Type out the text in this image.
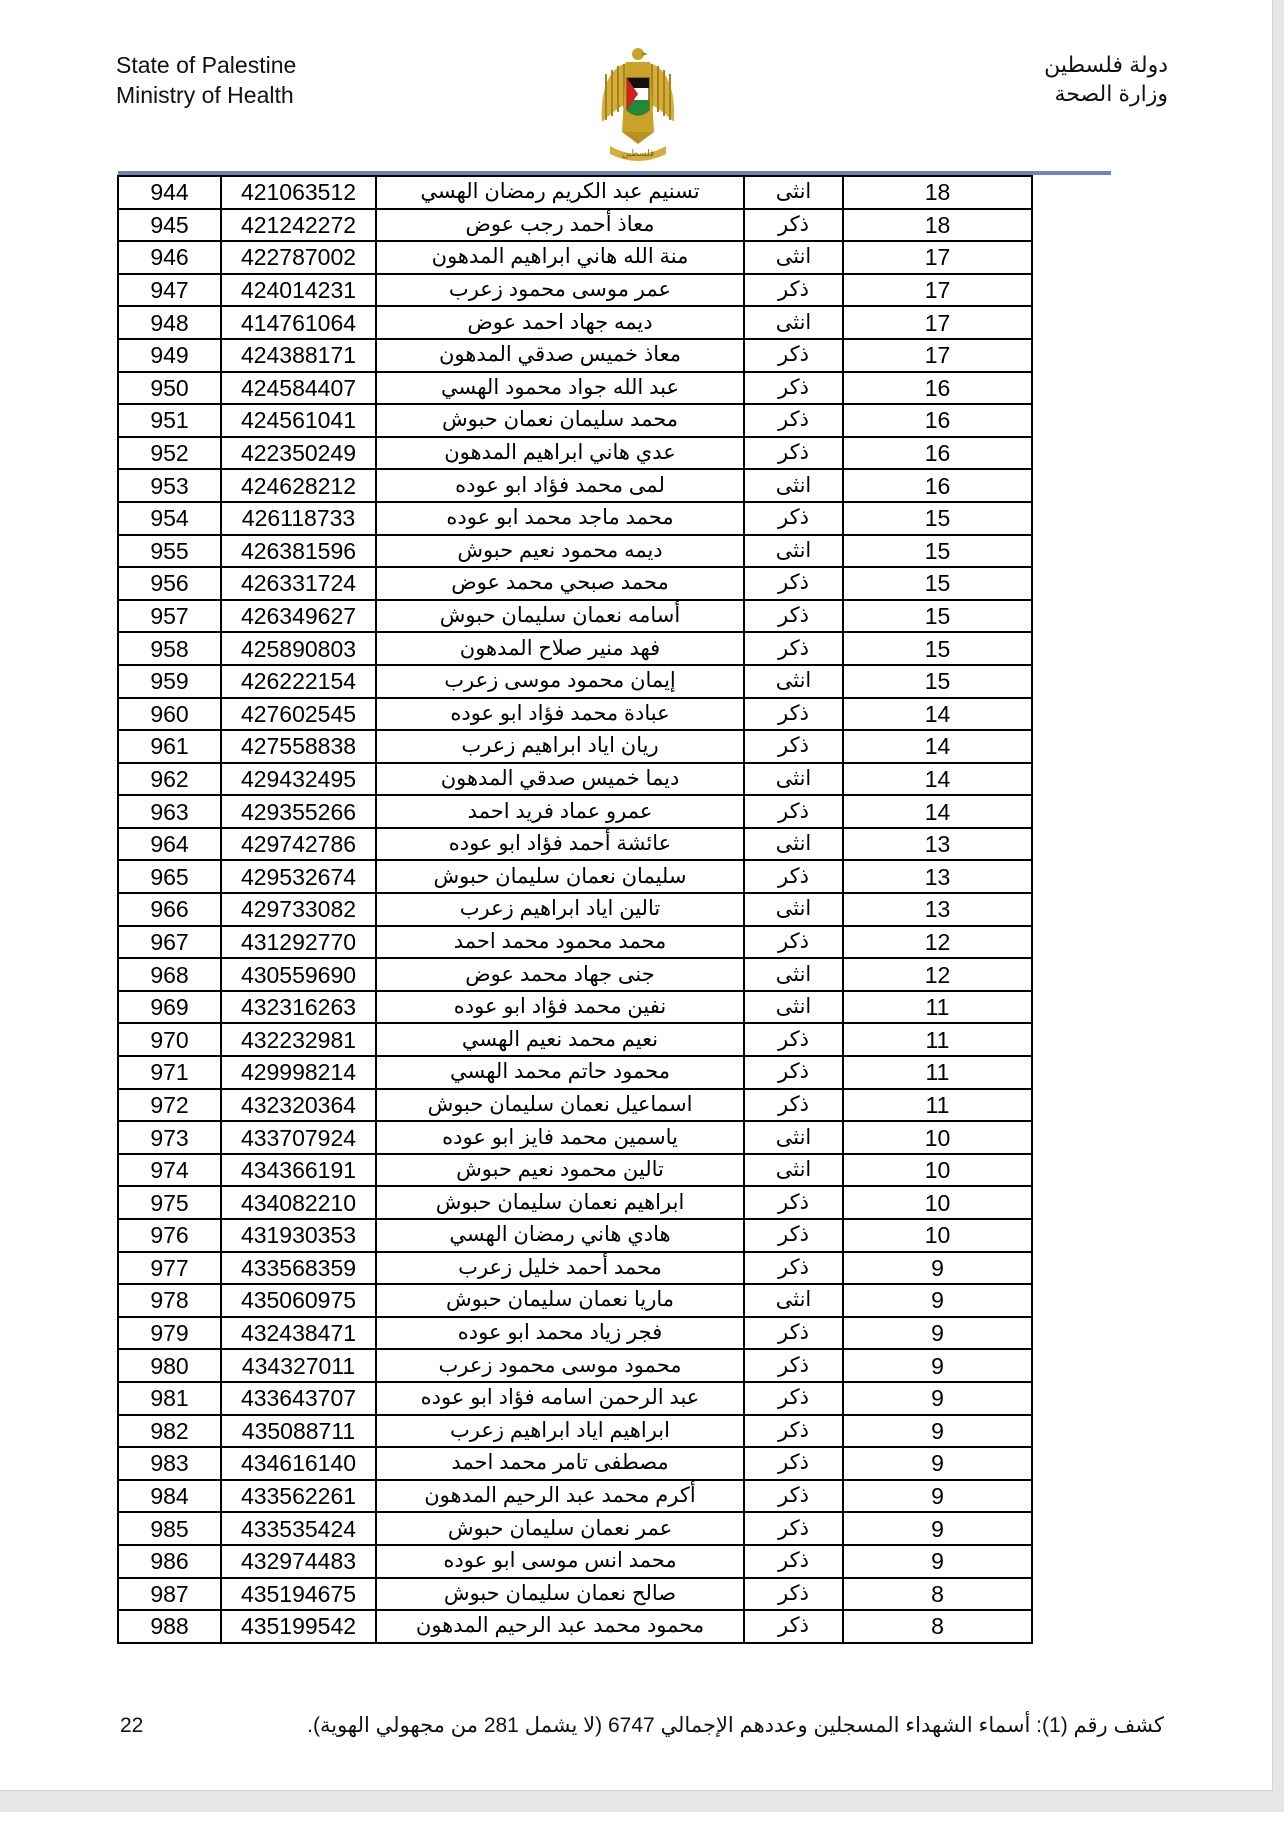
State of Palestine
Ministry of Health
فلسطين
دولة فلسطين
وزارة الصحة
944	421063512	تسنيم عبد الكريم رمضان الهسي	انثى	18
945	421242272	معاذ أحمد رجب عوض	ذكر	18
946	422787002	منة الله هاني ابراهيم المدهون	انثى	17
947	424014231	عمر موسى محمود زعرب	ذكر	17
948	414761064	ديمه جهاد احمد عوض	انثى	17
949	424388171	معاذ خميس صدقي المدهون	ذكر	17
950	424584407	عبد الله جواد محمود الهسي	ذكر	16
951	424561041	محمد سليمان نعمان حبوش	ذكر	16
952	422350249	عدي هاني ابراهيم المدهون	ذكر	16
953	424628212	لمى محمد فؤاد ابو عوده	انثى	16
954	426118733	محمد ماجد محمد ابو عوده	ذكر	15
955	426381596	ديمه محمود نعيم حبوش	انثى	15
956	426331724	محمد صبحي محمد عوض	ذكر	15
957	426349627	أسامه نعمان سليمان حبوش	ذكر	15
958	425890803	فهد منير صلاح المدهون	ذكر	15
959	426222154	إيمان محمود موسى زعرب	انثى	15
960	427602545	عبادة محمد فؤاد ابو عوده	ذكر	14
961	427558838	ريان اياد ابراهيم زعرب	ذكر	14
962	429432495	ديما خميس صدقي المدهون	انثى	14
963	429355266	عمرو عماد فريد احمد	ذكر	14
964	429742786	عائشة أحمد فؤاد ابو عوده	انثى	13
965	429532674	سليمان نعمان سليمان حبوش	ذكر	13
966	429733082	تالين اياد ابراهيم زعرب	انثى	13
967	431292770	محمد محمود محمد احمد	ذكر	12
968	430559690	جنى جهاد محمد عوض	انثى	12
969	432316263	نفين محمد فؤاد ابو عوده	انثى	11
970	432232981	نعيم محمد نعيم الهسي	ذكر	11
971	429998214	محمود حاتم محمد الهسي	ذكر	11
972	432320364	اسماعيل نعمان سليمان حبوش	ذكر	11
973	433707924	ياسمين محمد فايز ابو عوده	انثى	10
974	434366191	تالين محمود نعيم حبوش	انثى	10
975	434082210	ابراهيم نعمان سليمان حبوش	ذكر	10
976	431930353	هادي هاني رمضان الهسي	ذكر	10
977	433568359	محمد أحمد خليل زعرب	ذكر	9
978	435060975	ماريا نعمان سليمان حبوش	انثى	9
979	432438471	فجر زياد محمد ابو عوده	ذكر	9
980	434327011	محمود موسى محمود زعرب	ذكر	9
981	433643707	عبد الرحمن اسامه فؤاد ابو عوده	ذكر	9
982	435088711	ابراهيم اياد ابراهيم زعرب	ذكر	9
983	434616140	مصطفى تامر محمد احمد	ذكر	9
984	433562261	أكرم محمد عبد الرحيم المدهون	ذكر	9
985	433535424	عمر نعمان سليمان حبوش	ذكر	9
986	432974483	محمد انس موسى ابو عوده	ذكر	9
987	435194675	صالح نعمان سليمان حبوش	ذكر	8
988	435199542	محمود محمد عبد الرحيم المدهون	ذكر	8
22	كشف رقم (1): أسماء الشهداء المسجلين وعددهم الإجمالي 6747 (لا يشمل 281 من مجهولي الهوية).
